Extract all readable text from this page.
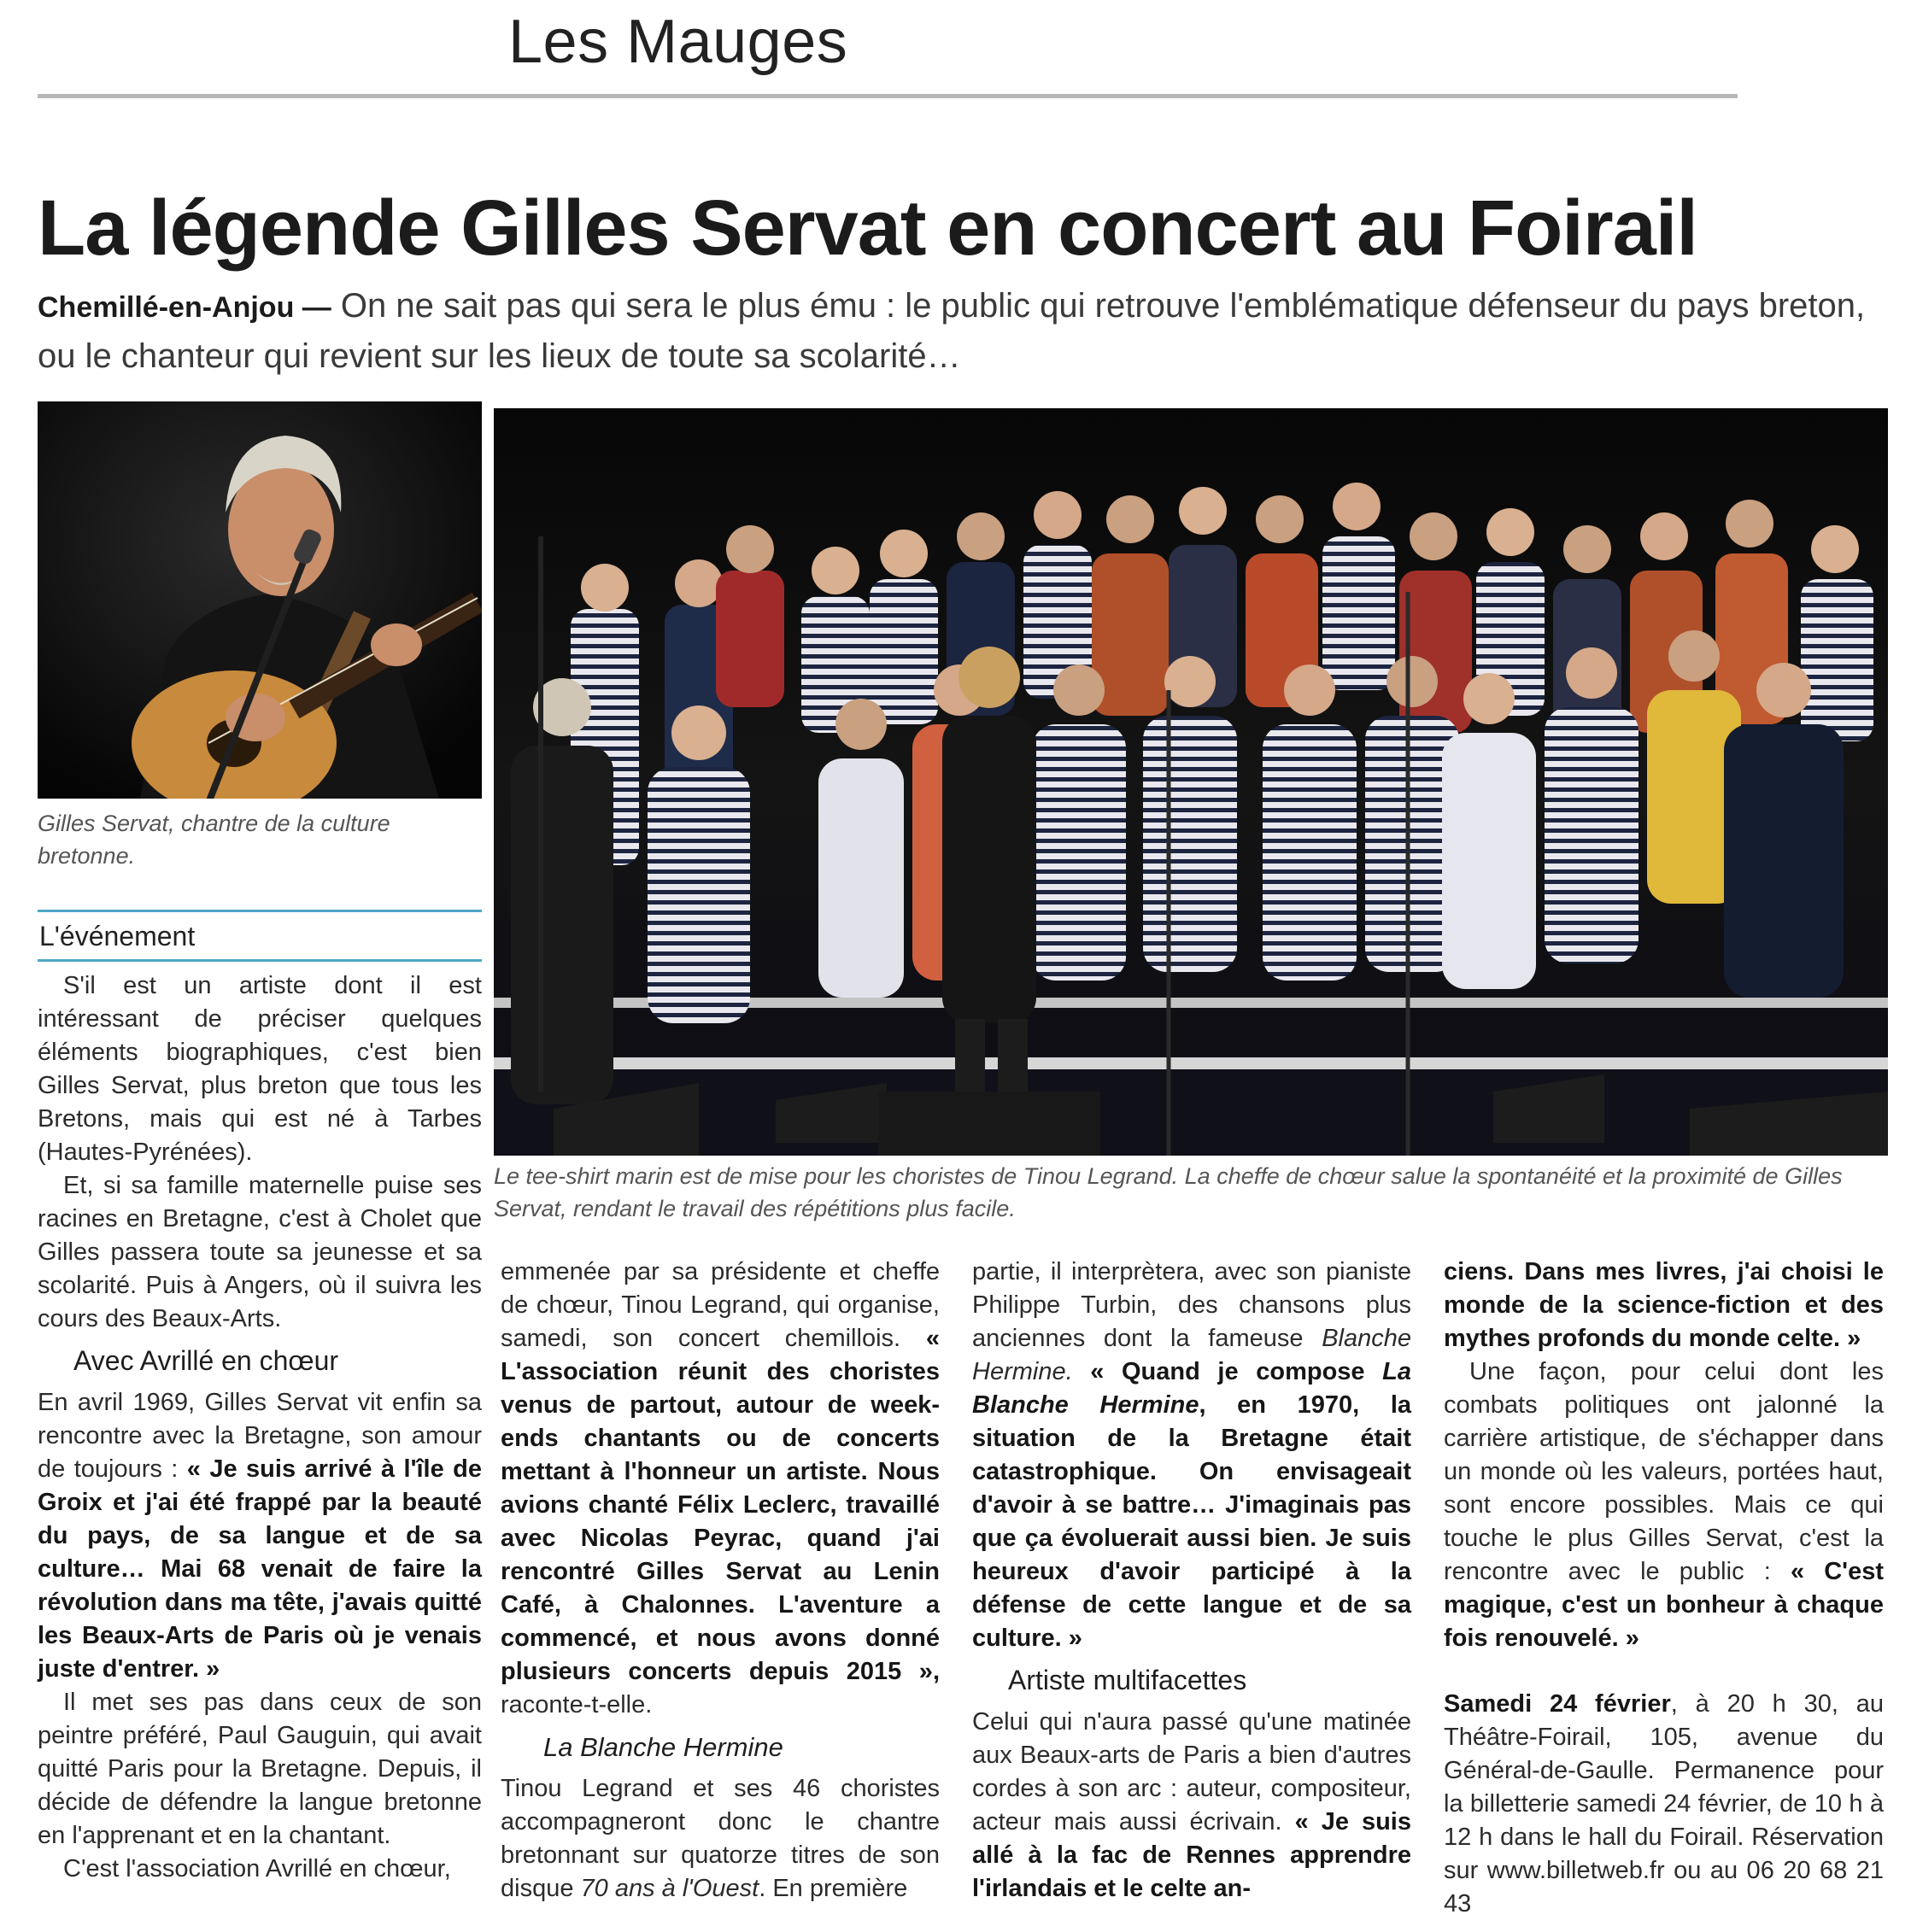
Les Mauges
La légende Gilles Servat en concert au Foirail
Chemillé-en-Anjou — On ne sait pas qui sera le plus ému : le public qui retrouve l'emblématique défenseur du pays breton, ou le chanteur qui revient sur les lieux de toute sa scolarité…
Gilles Servat, chantre de la culture bretonne.
Le tee-shirt marin est de mise pour les choristes de Tinou Legrand. La cheffe de chœur salue la spontanéité et la proximité de Gilles Servat, rendant le travail des répétitions plus facile.
L'événement

S'il est un artiste dont il est intéressant de préciser quelques éléments biographiques, c'est bien Gilles Servat, plus breton que tous les Bretons, mais qui est né à Tarbes (Hautes-Pyrénées).

Et, si sa famille maternelle puise ses racines en Bretagne, c'est à Cholet que Gilles passera toute sa jeunesse et sa scolarité. Puis à Angers, où il suivra les cours des Beaux-Arts.

Avec Avrillé en chœur

En avril 1969, Gilles Servat vit enfin sa rencontre avec la Bretagne, son amour de toujours : « Je suis arrivé à l'île de Groix et j'ai été frappé par la beauté du pays, de sa langue et de sa culture… Mai 68 venait de faire la révolution dans ma tête, j'avais quitté les Beaux-Arts de Paris où je venais juste d'entrer. »

Il met ses pas dans ceux de son peintre préféré, Paul Gauguin, qui avait quitté Paris pour la Bretagne. Depuis, il décide de défendre la langue bretonne en l'apprenant et en la chantant.

C'est l'association Avrillé en chœur,

emmenée par sa présidente et cheffe de chœur, Tinou Legrand, qui organise, samedi, son concert chemillois. « L'association réunit des choristes venus de partout, autour de week-ends chantants ou de concerts mettant à l'honneur un artiste. Nous avions chanté Félix Leclerc, travaillé avec Nicolas Peyrac, quand j'ai rencontré Gilles Servat au Lenin Café, à Chalonnes. L'aventure a commencé, et nous avons donné plusieurs concerts depuis 2015 », raconte-t-elle.

La Blanche Hermine

Tinou Legrand et ses 46 choristes accompagneront donc le chantre bretonnant sur quatorze titres de son disque 70 ans à l'Ouest. En première

partie, il interprètera, avec son pianiste Philippe Turbin, des chansons plus anciennes dont la fameuse Blanche Hermine. « Quand je compose La Blanche Hermine, en 1970, la situation de la Bretagne était catastrophique. On envisageait d'avoir à se battre… J'imaginais pas que ça évoluerait aussi bien. Je suis heureux d'avoir participé à la défense de cette langue et de sa culture. »

Artiste multifacettes

Celui qui n'aura passé qu'une matinée aux Beaux-arts de Paris a bien d'autres cordes à son arc : auteur, compositeur, acteur mais aussi écrivain. « Je suis allé à la fac de Rennes apprendre l'irlandais et le celte an-

ciens. Dans mes livres, j'ai choisi le monde de la science-fiction et des mythes profonds du monde celte. »

Une façon, pour celui dont les combats politiques ont jalonné la carrière artistique, de s'échapper dans un monde où les valeurs, portées haut, sont encore possibles. Mais ce qui touche le plus Gilles Servat, c'est la rencontre avec le public : « C'est magique, c'est un bonheur à chaque fois renouvelé. »

Samedi 24 février, à 20 h 30, au Théâtre-Foirail, 105, avenue du Général-de-Gaulle. Permanence pour la billetterie samedi 24 février, de 10 h à 12 h dans le hall du Foirail. Réservation sur www.billetweb.fr ou au 06 20 68 21 43
